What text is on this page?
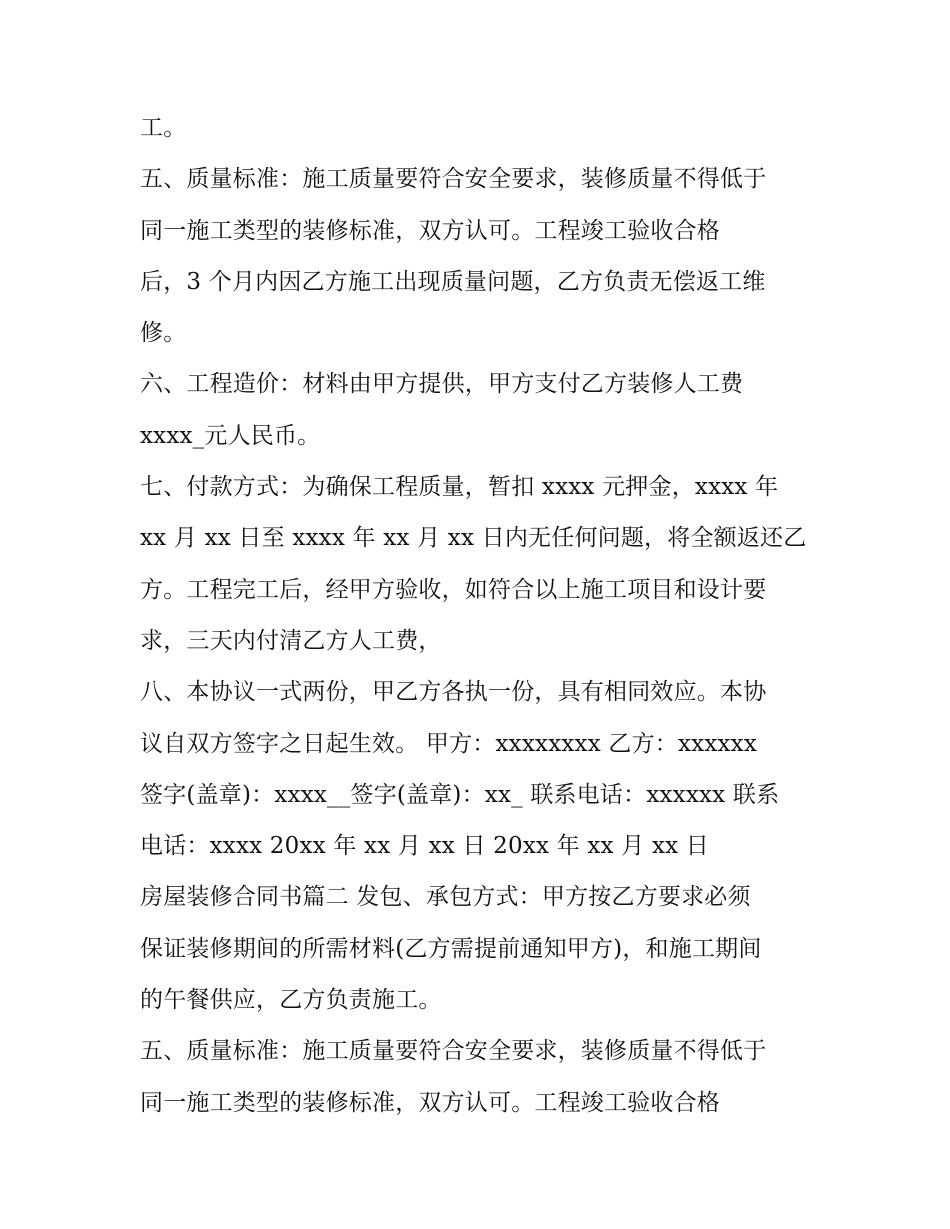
工。
五、质量标准：施工质量要符合安全要求，装修质量不得低于
同一施工类型的装修标准，双方认可。工程竣工验收合格
后，3 个月内因乙方施工出现质量问题，乙方负责无偿返工维
修。
六、工程造价：材料由甲方提供，甲方支付乙方装修人工费
xxxx_元人民币。
七、付款方式：为确保工程质量，暂扣 xxxx 元押金，xxxx 年
xx 月 xx 日至 xxxx 年 xx 月 xx 日内无任何问题，将全额返还乙
方。工程完工后，经甲方验收，如符合以上施工项目和设计要
求，三天内付清乙方人工费，
八、本协议一式两份，甲乙方各执一份，具有相同效应。本协
议自双方签字之日起生效。 甲方：xxxxxxxx 乙方：xxxxxx
签字(盖章)：xxxx__签字(盖章)：xx_ 联系电话：xxxxxx 联系
电话：xxxx 20xx 年 xx 月 xx 日 20xx 年 xx 月 xx 日
房屋装修合同书篇二 发包、承包方式：甲方按乙方要求必须
保证装修期间的所需材料(乙方需提前通知甲方)，和施工期间
的午餐供应，乙方负责施工。
五、质量标准：施工质量要符合安全要求，装修质量不得低于
同一施工类型的装修标准，双方认可。工程竣工验收合格
